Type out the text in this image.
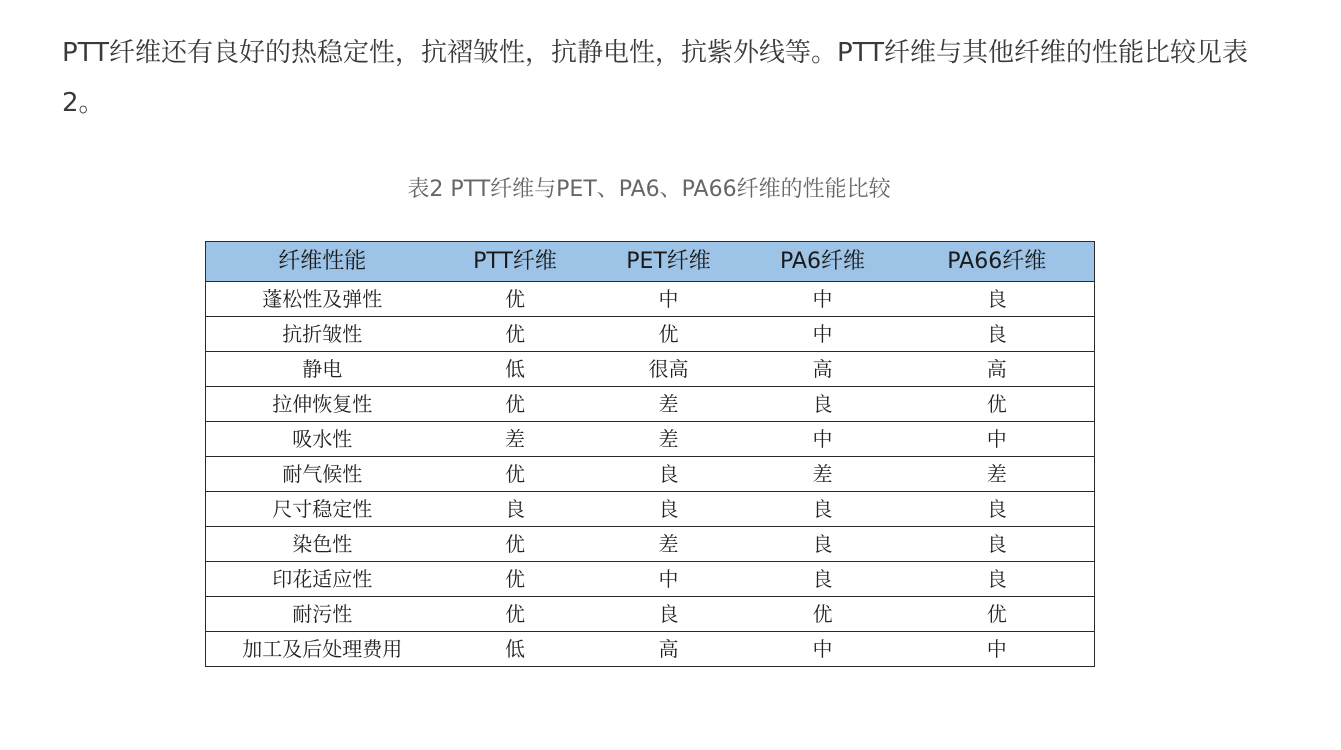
PTT纤维还有良好的热稳定性，抗褶皱性，抗静电性，抗紫外线等。PTT纤维与其他纤维的性能比较见表2。

表2 PTT纤维与PET、PA6、PA66纤维的性能比较

纤维性能	PTT纤维	PET纤维	PA6纤维	PA66纤维
蓬松性及弹性	优	中	中	良
抗折皱性	优	优	中	良
静电	低	很高	高	高
拉伸恢复性	优	差	良	优
吸水性	差	差	中	中
耐气候性	优	良	差	差
尺寸稳定性	良	良	良	良
染色性	优	差	良	良
印花适应性	优	中	良	良
耐污性	优	良	优	优
加工及后处理费用	低	高	中	中
